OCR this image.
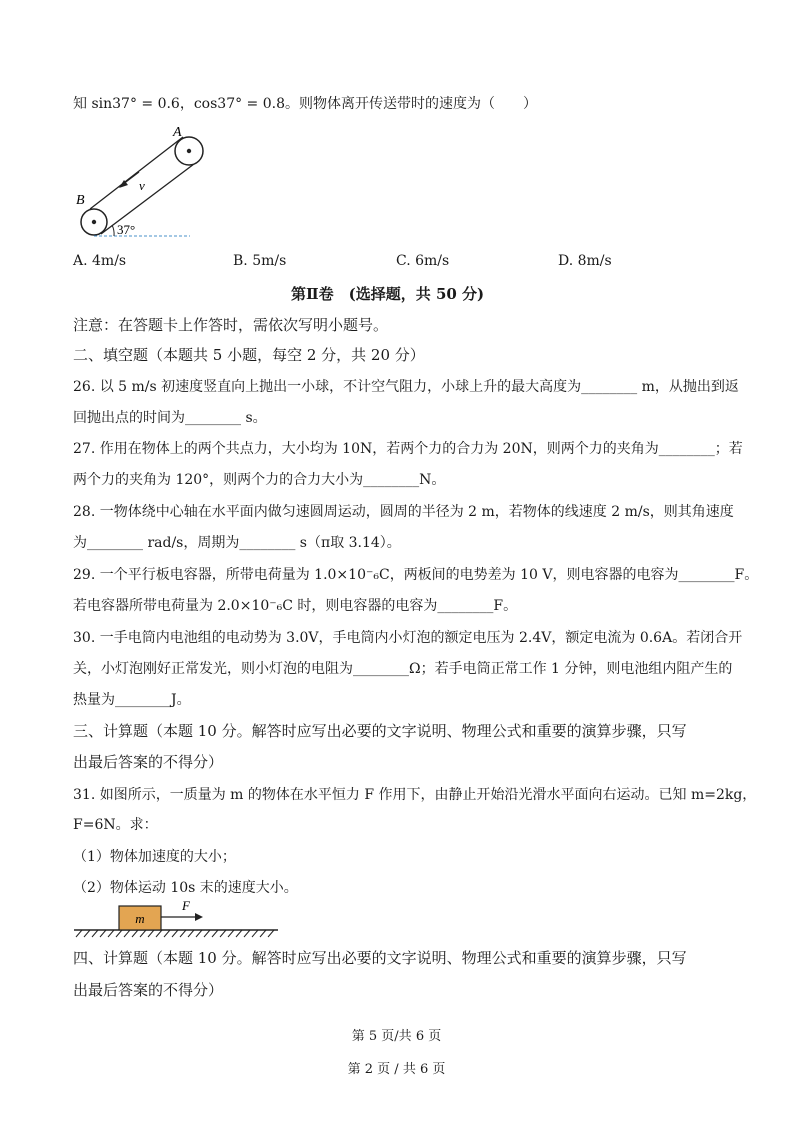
知 sin37° = 0.6，cos37° = 0.8。则物体离开传送带时的速度为（　　）
A
B
v
37°
A. 4m/s	B. 5m/s	C. 6m/s	D. 8m/s
第Ⅱ卷　(选择题，共 50 分)
注意：在答题卡上作答时，需依次写明小题号。
二、填空题（本题共 5 小题，每空 2 分，共 20 分）
26. 以 5 m/s 初速度竖直向上抛出一小球，不计空气阻力，小球上升的最大高度为________ m，从抛出到返
回抛出点的时间为________ s。
27. 作用在物体上的两个共点力，大小均为 10N，若两个力的合力为 20N，则两个力的夹角为________；若
两个力的夹角为 120°，则两个力的合力大小为________N。
28. 一物体绕中心轴在水平面内做匀速圆周运动，圆周的半径为 2 m，若物体的线速度 2 m/s，则其角速度
为________ rad/s，周期为________ s（π取 3.14）。
29. 一个平行板电容器，所带电荷量为 1.0×10⁻₆C，两板间的电势差为 10 V，则电容器的电容为________F。
若电容器所带电荷量为 2.0×10⁻₆C 时，则电容器的电容为________F。
30. 一手电筒内电池组的电动势为 3.0V，手电筒内小灯泡的额定电压为 2.4V，额定电流为 0.6A。若闭合开
关，小灯泡刚好正常发光，则小灯泡的电阻为________Ω；若手电筒正常工作 1 分钟，则电池组内阻产生的
热量为________J。
三、计算题（本题 10 分。解答时应写出必要的文字说明、物理公式和重要的演算步骤，只写
出最后答案的不得分）
31. 如图所示，一质量为 m 的物体在水平恒力 F 作用下，由静止开始沿光滑水平面向右运动。已知 m=2kg，
F=6N。求：
（1）物体加速度的大小；
（2）物体运动 10s 末的速度大小。
m
F
四、计算题（本题 10 分。解答时应写出必要的文字说明、物理公式和重要的演算步骤，只写
出最后答案的不得分）
第 5 页/共 6 页
第 2 页 / 共 6 页
